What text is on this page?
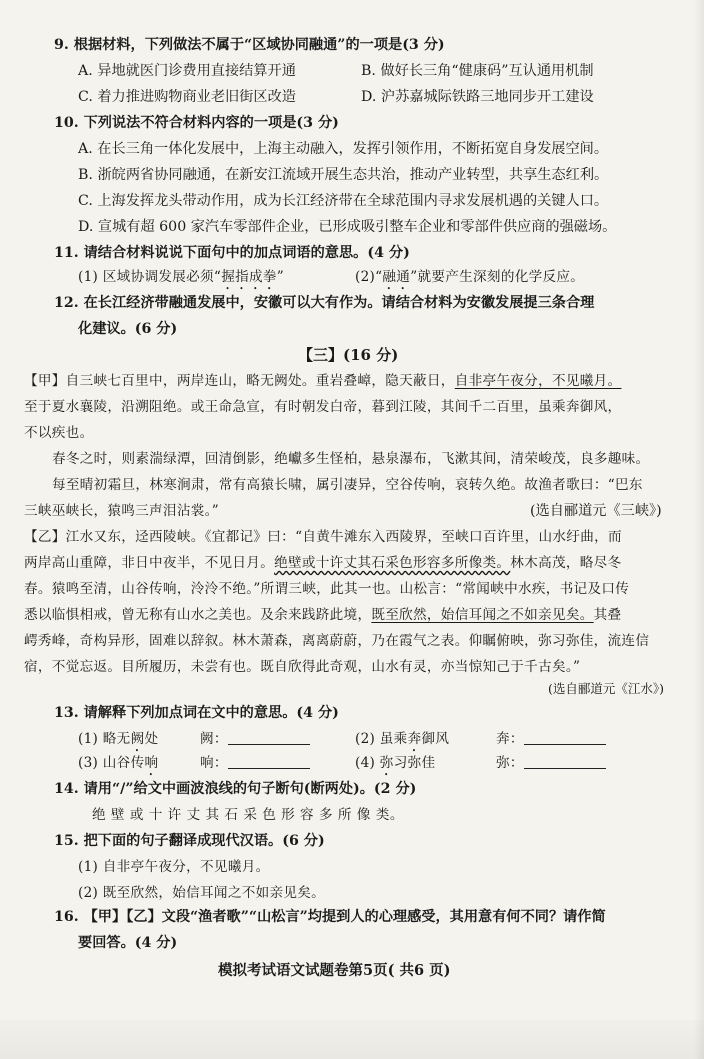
9. 根据材料，下列做法不属于“区域协同融通”的一项是(3 分)
A. 异地就医门诊费用直接结算开通	B. 做好长三角“健康码”互认通用机制
C. 着力推进购物商业老旧街区改造	D. 沪苏嘉城际铁路三地同步开工建设
10. 下列说法不符合材料内容的一项是(3 分)
A. 在长三角一体化发展中，上海主动融入，发挥引领作用，不断拓宽自身发展空间。
B. 浙皖两省协同融通，在新安江流域开展生态共治，推动产业转型，共享生态红利。
C. 上海发挥龙头带动作用，成为长江经济带在全球范围内寻求发展机遇的关键人口。
D. 宣城有超 600 家汽车零部件企业，已形成吸引整车企业和零部件供应商的强磁场。
11. 请结合材料说说下面句中的加点词语的意思。(4 分)
(1) 区域协调发展必须“握指成拳”	(2)“融通”就要产生深刻的化学反应。
12. 在长江经济带融通发展中，安徽可以大有作为。请结合材料为安徽发展提三条合理
化建议。(6 分)
【三】(16 分)
【甲】自三峡七百里中，两岸连山，略无阙处。重岩叠嶂，隐天蔽日，自非亭午夜分，不见曦月。
至于夏水襄陵，沿溯阻绝。或王命急宣，有时朝发白帝，暮到江陵，其间千二百里，虽乘奔御风，
不以疾也。
春冬之时，则素湍绿潭，回清倒影，绝巘多生怪柏，悬泉瀑布，飞漱其间，清荣峻茂，良多趣味。
每至晴初霜旦，林寒涧肃，常有高猿长啸，属引凄异，空谷传响，哀转久绝。故渔者歌曰：“巴东
三峡巫峡长，猿鸣三声泪沾裳。”	(选自郦道元《三峡》)
【乙】江水又东，迳西陵峡。《宜都记》曰：“自黄牛滩东入西陵界，至峡口百许里，山水纡曲，而
两岸高山重障，非日中夜半，不见日月。绝壁或十许丈其石采色形容多所像类。林木高茂，略尽冬
春。猿鸣至清，山谷传响，泠泠不绝。”所谓三峡，此其一也。山松言：“常闻峡中水疾，书记及口传
悉以临惧相戒，曾无称有山水之美也。及余来践跻此境，既至欣然，始信耳闻之不如亲见矣。其叠
崿秀峰，奇构异形，固难以辞叙。林木萧森，离离蔚蔚，乃在霞气之表。仰瞩俯映，弥习弥佳，流连信
宿，不觉忘返。目所履历，未尝有也。既自欣得此奇观，山水有灵，亦当惊知己于千古矣。”
(选自郦道元《江水》)
13. 请解释下列加点词在文中的意思。(4 分)
(1) 略无阙处	阙：	(2) 虽乘奔御风	奔：
(3) 山谷传响	响：	(4) 弥习弥佳	弥：
14. 请用“/”给文中画波浪线的句子断句(断两处)。(2 分)
绝 壁 或 十 许 丈 其 石 采 色 形 容 多 所 像 类。
15. 把下面的句子翻译成现代汉语。(6 分)
(1) 自非亭午夜分，不见曦月。
(2) 既至欣然，始信耳闻之不如亲见矣。
16. 【甲】【乙】文段“渔者歌”“山松言”均提到人的心理感受，其用意有何不同？请作简
要回答。(4 分)
模拟考试语文试题卷第5页( 共6 页)
